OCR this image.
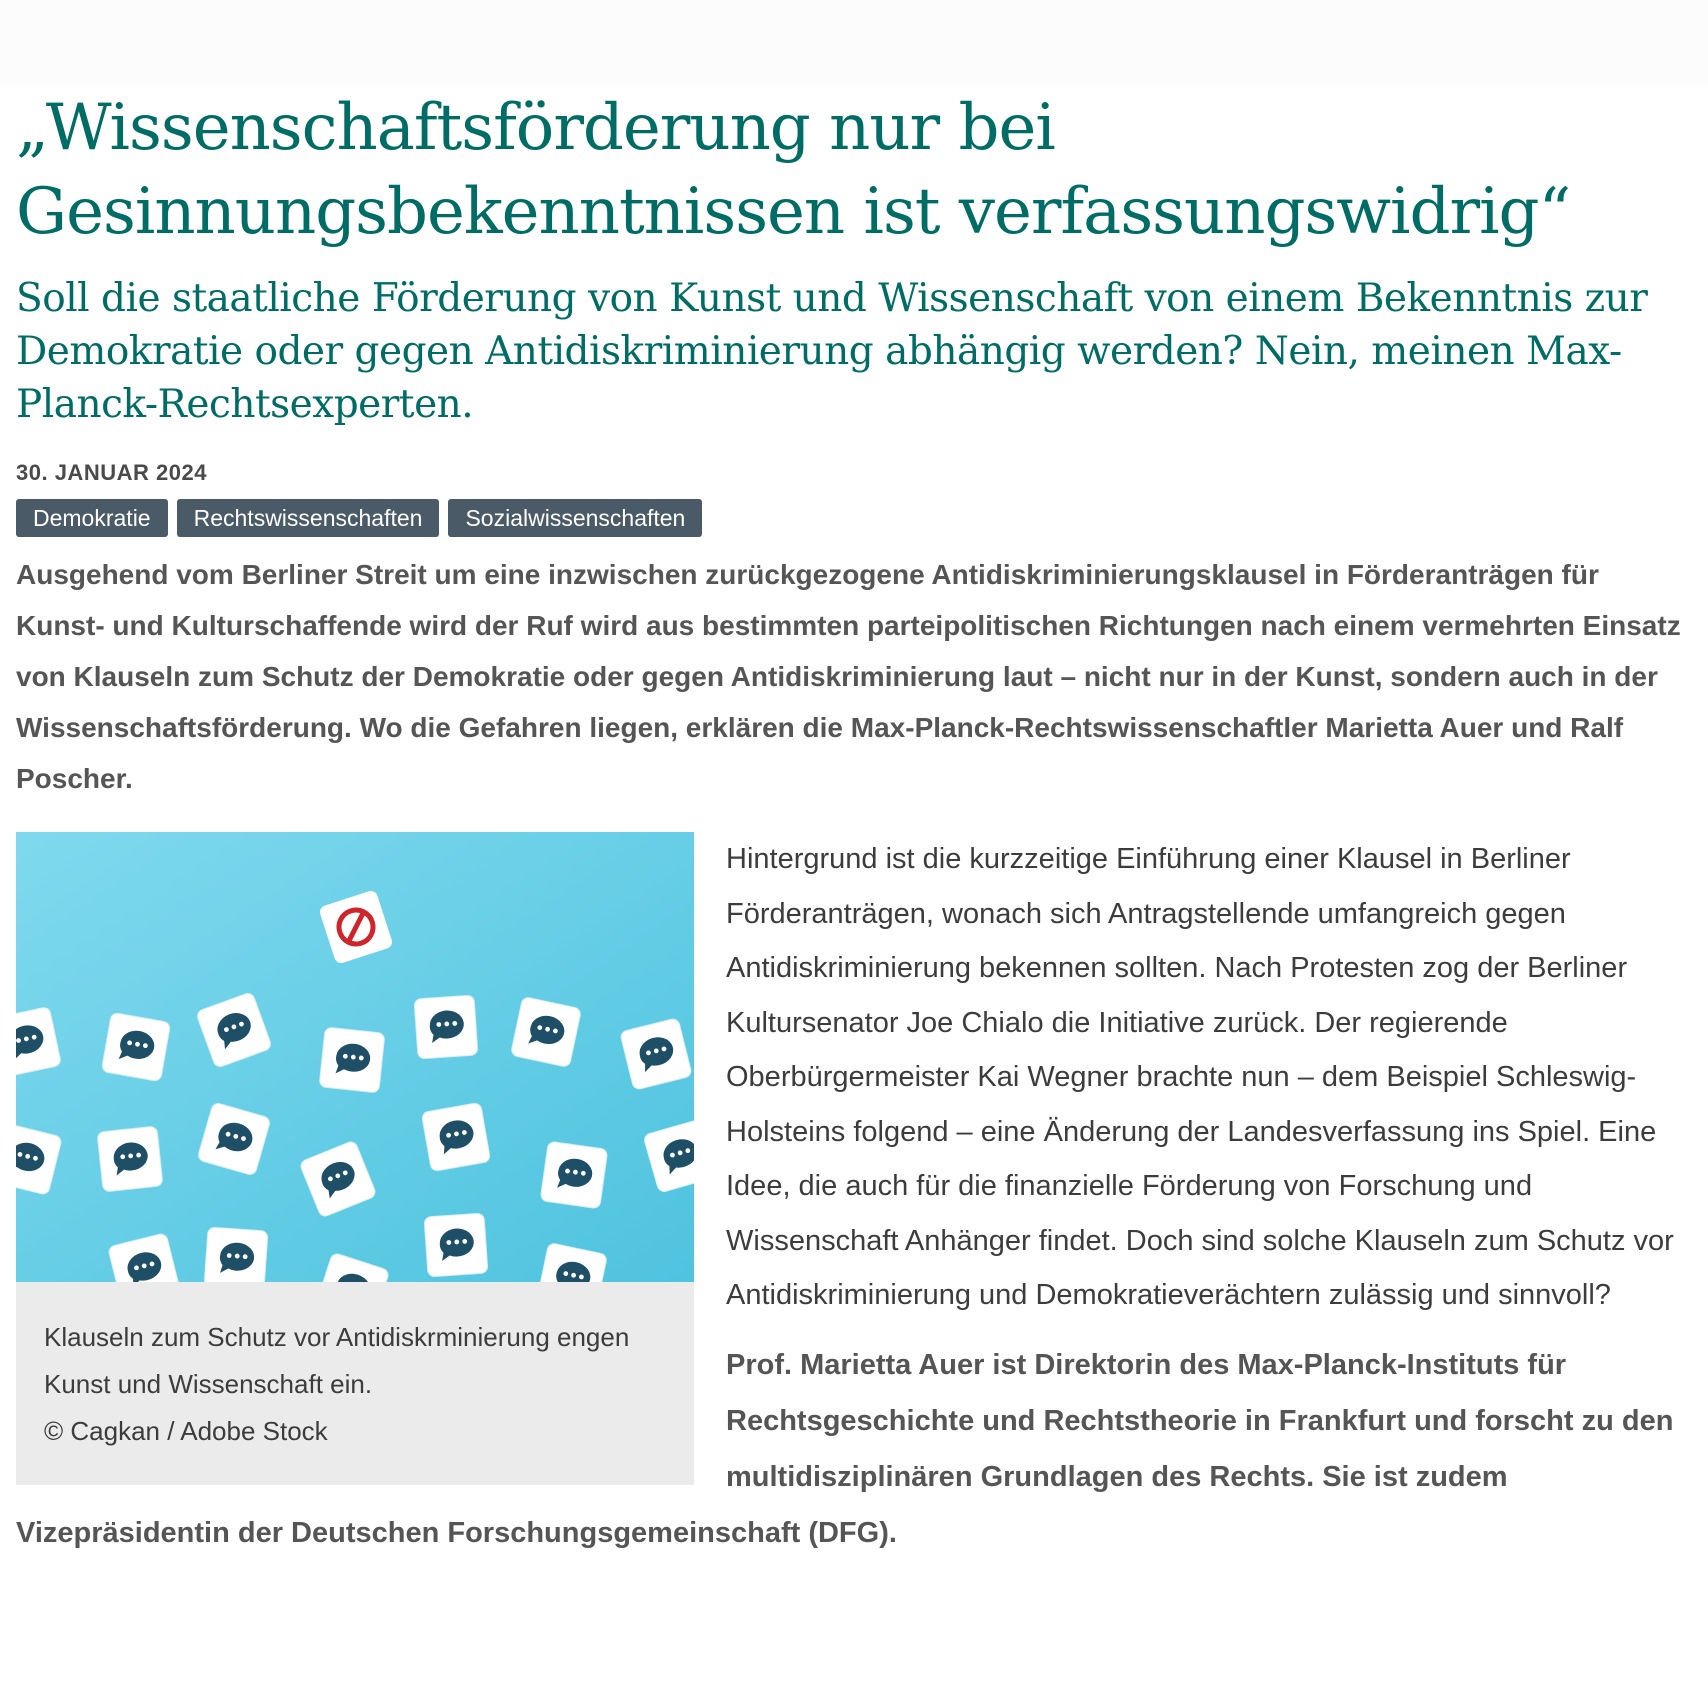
„Wissenschaftsförderung nur bei Gesinnungsbekenntnissen ist verfassungswidrig“
Soll die staatliche Förderung von Kunst und Wissenschaft von einem Bekenntnis zur Demokratie oder gegen Antidiskriminierung abhängig werden? Nein, meinen Max-Planck-Rechtsexperten.
30. JANUAR 2024
Demokratie	Rechtswissenschaften	Sozialwissenschaften

Ausgehend vom Berliner Streit um eine inzwischen zurückgezogene Antidiskriminierungsklausel in Förderanträgen für Kunst- und Kulturschaffende wird der Ruf wird aus bestimmten parteipolitischen Richtungen nach einem vermehrten Einsatz von Klauseln zum Schutz der Demokratie oder gegen Antidiskriminierung laut – nicht nur in der Kunst, sondern auch in der Wissenschaftsförderung. Wo die Gefahren liegen, erklären die Max-Planck-Rechtswissenschaftler Marietta Auer und Ralf Poscher.

Klauseln zum Schutz vor Antidiskrminierung engen Kunst und Wissenschaft ein.
© Cagkan / Adobe Stock

Hintergrund ist die kurzzeitige Einführung einer Klausel in Berliner Förderanträgen, wonach sich Antragstellende umfangreich gegen Antidiskriminierung bekennen sollten. Nach Protesten zog der Berliner Kultursenator Joe Chialo die Initiative zurück. Der regierende Oberbürgermeister Kai Wegner brachte nun – dem Beispiel Schleswig-Holsteins folgend – eine Änderung der Landesverfassung ins Spiel. Eine Idee, die auch für die finanzielle Förderung von Forschung und Wissenschaft Anhänger findet. Doch sind solche Klauseln zum Schutz vor Antidiskriminierung und Demokratieverächtern zulässig und sinnvoll?

Prof. Marietta Auer ist Direktorin des Max-Planck-Instituts für Rechtsgeschichte und Rechtstheorie in Frankfurt und forscht zu den multidisziplinären Grundlagen des Rechts. Sie ist zudem Vizepräsidentin der Deutschen Forschungsgemeinschaft (DFG).
